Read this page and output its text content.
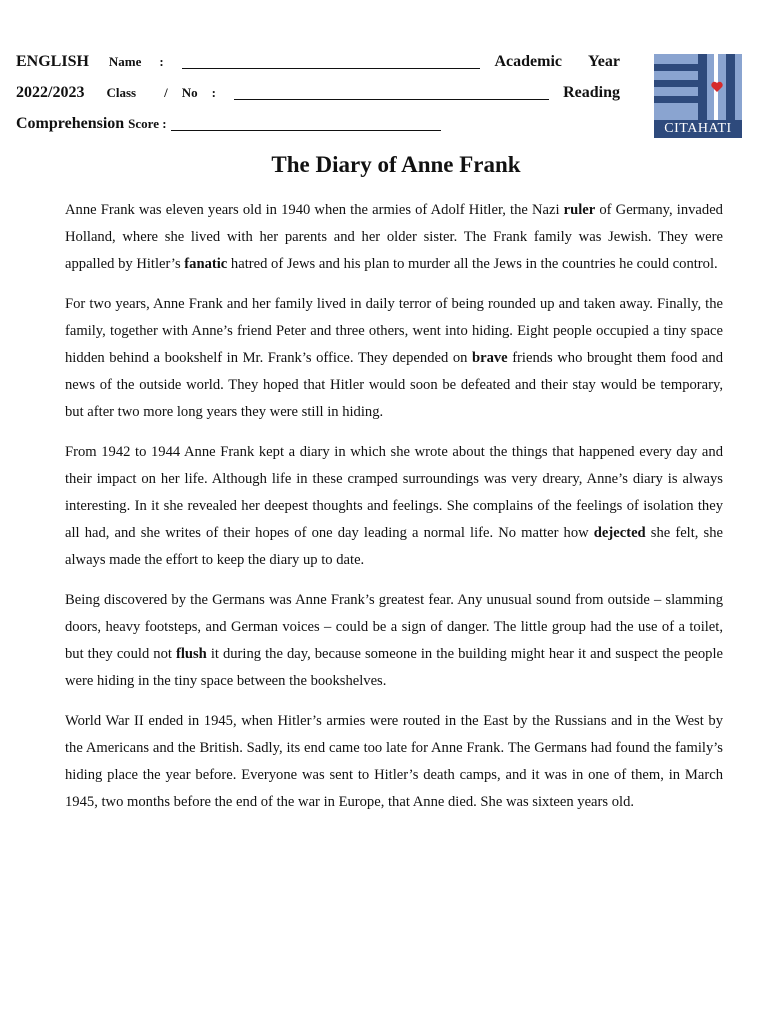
ENGLISH Name :	Academic Year
2022/2023 Class / No :	Reading
Comprehension Score :	CITAHATI
The Diary of Anne Frank

Anne Frank was eleven years old in 1940 when the armies of Adolf Hitler, the Nazi ruler of Germany, invaded Holland, where she lived with her parents and her older sister. The Frank family was Jewish. They were appalled by Hitler’s fanatic hatred of Jews and his plan to murder all the Jews in the countries he could control.

For two years, Anne Frank and her family lived in daily terror of being rounded up and taken away. Finally, the family, together with Anne’s friend Peter and three others, went into hiding. Eight people occupied a tiny space hidden behind a bookshelf in Mr. Frank’s office. They depended on brave friends who brought them food and news of the outside world. They hoped that Hitler would soon be defeated and their stay would be temporary, but after two more long years they were still in hiding.

From 1942 to 1944 Anne Frank kept a diary in which she wrote about the things that happened every day and their impact on her life. Although life in these cramped surroundings was very dreary, Anne’s diary is always interesting. In it she revealed her deepest thoughts and feelings. She complains of the feelings of isolation they all had, and she writes of their hopes of one day leading a normal life. No matter how dejected she felt, she always made the effort to keep the diary up to date.

Being discovered by the Germans was Anne Frank’s greatest fear. Any unusual sound from outside – slamming doors, heavy footsteps, and German voices – could be a sign of danger. The little group had the use of a toilet, but they could not flush it during the day, because someone in the building might hear it and suspect the people were hiding in the tiny space between the bookshelves.

World War II ended in 1945, when Hitler’s armies were routed in the East by the Russians and in the West by the Americans and the British. Sadly, its end came too late for Anne Frank. The Germans had found the family’s hiding place the year before. Everyone was sent to Hitler’s death camps, and it was in one of them, in March 1945, two months before the end of the war in Europe, that Anne died. She was sixteen years old.
